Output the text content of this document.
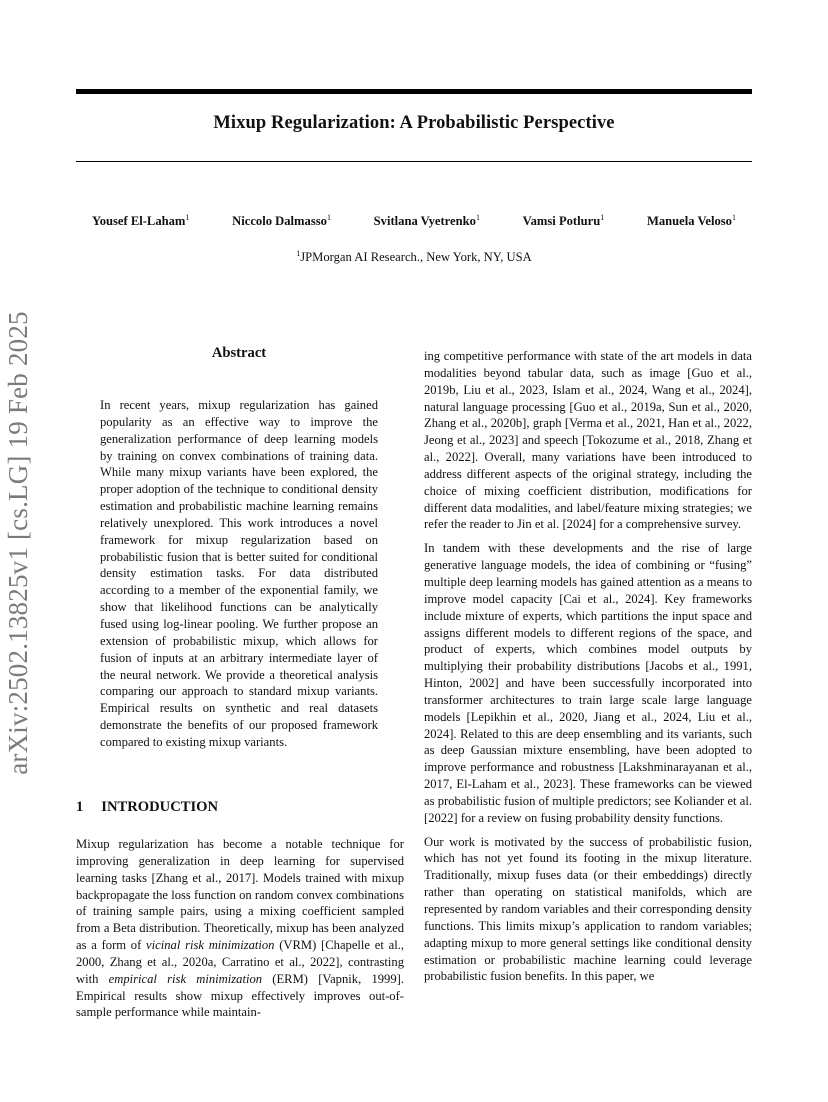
Mixup Regularization: A Probabilistic Perspective
Yousef El-Laham$^1$	Niccolo Dalmasso$^1$	Svitlana Vyetrenko$^1$	Vamsi Potluru$^1$	Manuela Veloso$^1$
$^1$JPMorgan AI Research., New York, NY, USA
arXiv:2502.13825v1 [cs.LG] 19 Feb 2025	Abstract

In recent years, mixup regularization has gained popularity as an effective way to improve the generalization performance of deep learning models by training on convex combinations of training data. While many mixup variants have been explored, the proper adoption of the technique to conditional density estimation and probabilistic machine learning remains relatively unexplored. This work introduces a novel framework for mixup regularization based on probabilistic fusion that is better suited for conditional density estimation tasks. For data distributed according to a member of the exponential family, we show that likelihood functions can be analytically fused using log-linear pooling. We further propose an extension of probabilistic mixup, which allows for fusion of inputs at an arbitrary intermediate layer of the neural network. We provide a theoretical analysis comparing our approach to standard mixup variants. Empirical results on synthetic and real datasets demonstrate the benefits of our proposed framework compared to existing mixup variants.

1 INTRODUCTION

Mixup regularization has become a notable technique for improving generalization in deep learning for supervised learning tasks [Zhang et al., 2017]. Models trained with mixup backpropagate the loss function on random convex combinations of training sample pairs, using a mixing coefficient sampled from a Beta distribution. Theoretically, mixup has been analyzed as a form of vicinal risk minimization (VRM) [Chapelle et al., 2000, Zhang et al., 2020a, Carratino et al., 2022], contrasting with empirical risk minimization (ERM) [Vapnik, 1999]. Empirical results show mixup effectively improves out-of-sample performance while maintain-

ing competitive performance with state of the art models in data modalities beyond tabular data, such as image [Guo et al., 2019b, Liu et al., 2023, Islam et al., 2024, Wang et al., 2024], natural language processing [Guo et al., 2019a, Sun et al., 2020, Zhang et al., 2020b], graph [Verma et al., 2021, Han et al., 2022, Jeong et al., 2023] and speech [Tokozume et al., 2018, Zhang et al., 2022]. Overall, many variations have been introduced to address different aspects of the original strategy, including the choice of mixing coefficient distribution, modifications for different data modalities, and label/feature mixing strategies; we refer the reader to Jin et al. [2024] for a comprehensive survey.

In tandem with these developments and the rise of large generative language models, the idea of combining or “fusing” multiple deep learning models has gained attention as a means to improve model capacity [Cai et al., 2024]. Key frameworks include mixture of experts, which partitions the input space and assigns different models to different regions of the space, and product of experts, which combines model outputs by multiplying their probability distributions [Jacobs et al., 1991, Hinton, 2002] and have been successfully incorporated into transformer architectures to train large scale large language models [Lepikhin et al., 2020, Jiang et al., 2024, Liu et al., 2024]. Related to this are deep ensembling and its variants, such as deep Gaussian mixture ensembling, have been adopted to improve performance and robustness [Lakshminarayanan et al., 2017, El-Laham et al., 2023]. These frameworks can be viewed as probabilistic fusion of multiple predictors; see Koliander et al. [2022] for a review on fusing probability density functions.

Our work is motivated by the success of probabilistic fusion, which has not yet found its footing in the mixup literature. Traditionally, mixup fuses data (or their embeddings) directly rather than operating on statistical manifolds, which are represented by random variables and their corresponding density functions. This limits mixup’s application to random variables; adapting mixup to more general settings like conditional density estimation or probabilistic machine learning could leverage probabilistic fusion benefits. In this paper, we
